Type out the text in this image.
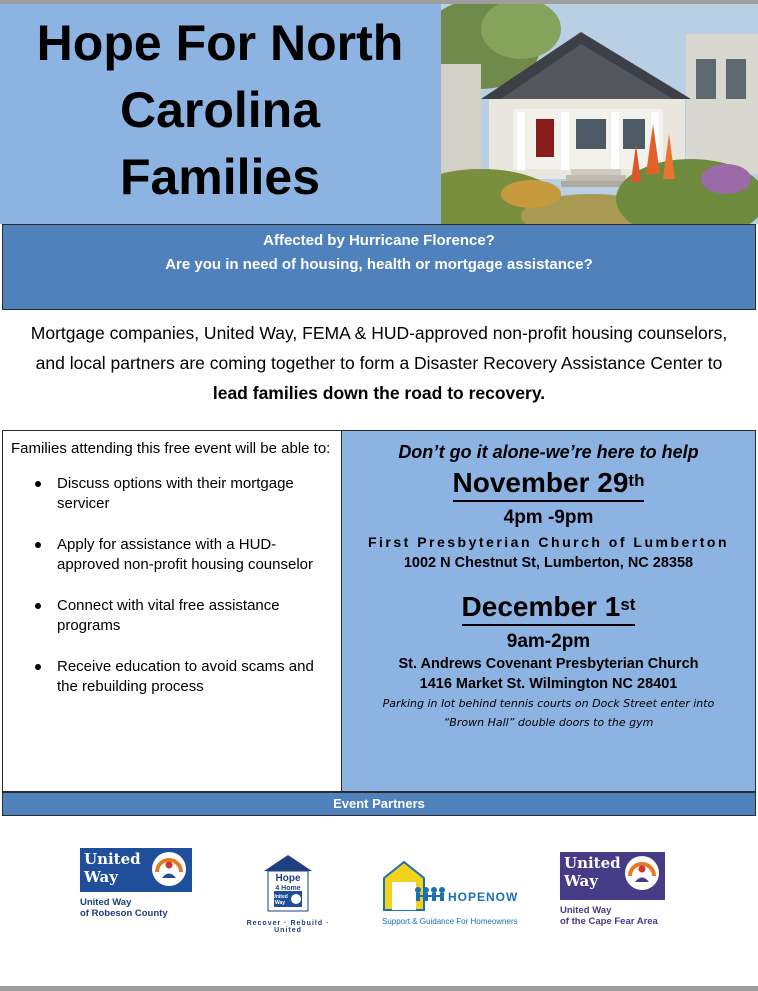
Hope For North
Carolina
Families

Affected by Hurricane Florence?

Are you in need of housing, health or mortgage assistance?

Mortgage companies, United Way, FEMA & HUD-approved non-profit housing counselors, and local partners are coming together to form a Disaster Recovery Assistance Center to lead families down the road to recovery.

Families attending this free event will be able to:

Discuss options with their mortgage servicer
Apply for assistance with a HUD-approved non-profit housing counselor
Connect with vital free assistance programs
Receive education to avoid scams and the rebuilding process
Don’t go it alone-we’re here to help
November 29th
4pm -9pm
First Presbyterian Church of Lumberton
1002 N Chestnut St, Lumberton, NC 28358
December 1st
9am-2pm
St. Andrews Covenant Presbyterian Church
1416 Market St. Wilmington NC 28401
Parking in lot behind tennis courts on Dock Street enter into “Brown Hall” double doors to the gym
Event Partners
United
Way
United Way
of Robeson County
Hope
4 Home
United
Way
Recover · Rebuild · United
HOPENOW
Support & Guidance For Homeowners
United
Way
United Way
of the Cape Fear Area
